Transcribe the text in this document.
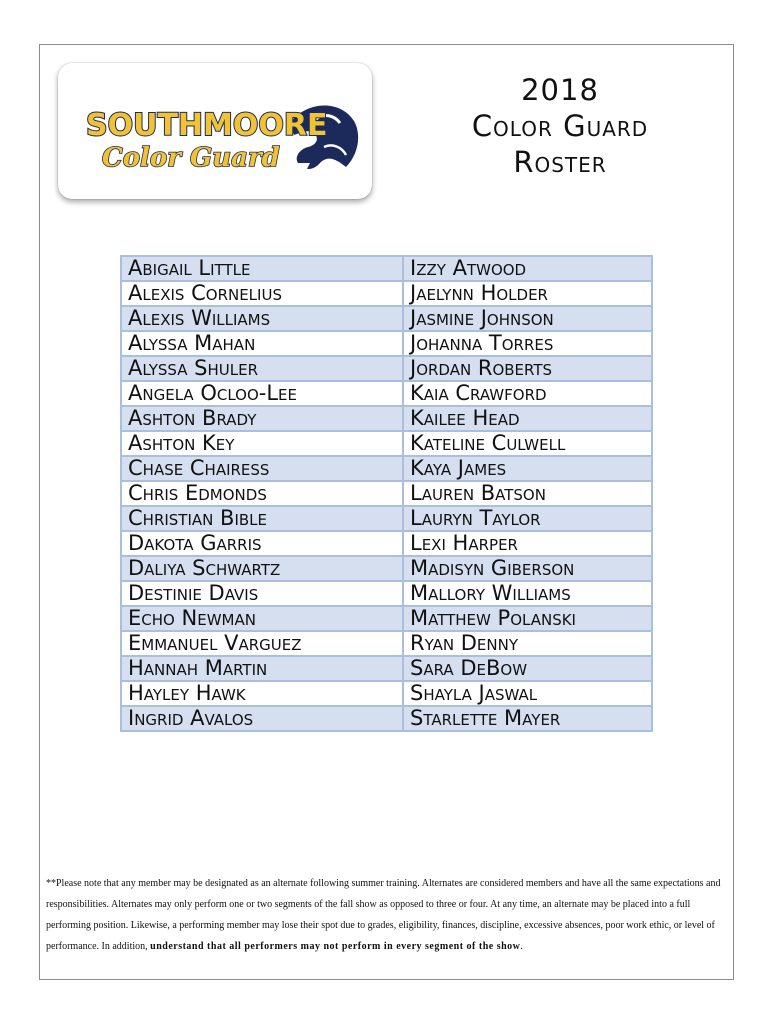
SOUTHMOORE
Color Guard
2018
Color Guard
Roster
Abigail Little	Izzy Atwood
Alexis Cornelius	Jaelynn Holder
Alexis Williams	Jasmine Johnson
Alyssa Mahan	Johanna Torres
Alyssa Shuler	Jordan Roberts
Angela Ocloo-Lee	Kaia Crawford
Ashton Brady	Kailee Head
Ashton Key	Kateline Culwell
Chase Chairess	Kaya James
Chris Edmonds	Lauren Batson
Christian Bible	Lauryn Taylor
Dakota Garris	Lexi Harper
Daliya Schwartz	Madisyn Giberson
Destinie Davis	Mallory Williams
Echo Newman	Matthew Polanski
Emmanuel Varguez	Ryan Denny
Hannah Martin	Sara DeBow
Hayley Hawk	Shayla Jaswal
Ingrid Avalos	Starlette Mayer
**Please note that any member may be designated as an alternate following summer training. Alternates are considered members and have all the same expectations and responsibilities. Alternates may only perform one or two segments of the fall show as opposed to three or four. At any time, an alternate may be placed into a full performing position. Likewise, a performing member may lose their spot due to grades, eligibility, finances, discipline, excessive absences, poor work ethic, or level of performance. In addition, understand that all performers may not perform in every segment of the show.
